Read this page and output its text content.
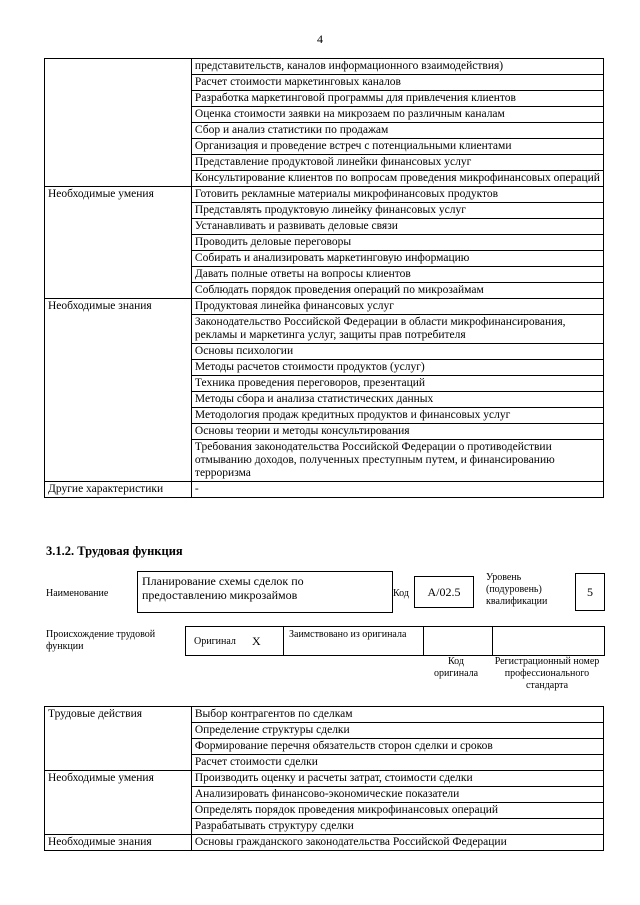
4
	представительств, каналов информационного взаимодействия)
	Расчет стоимости маркетинговых каналов
	Разработка маркетинговой программы для привлечения клиентов
	Оценка стоимости заявки на микрозаем по различным каналам
	Сбор и анализ статистики по продажам
	Организация и проведение встреч с потенциальными клиентами
	Представление продуктовой линейки финансовых услуг
	Консультирование клиентов по вопросам проведения микрофинансовых операций
Необходимые умения	Готовить рекламные материалы микрофинансовых продуктов
	Представлять продуктовую линейку финансовых услуг
	Устанавливать и развивать деловые связи
	Проводить деловые переговоры
	Собирать и анализировать маркетинговую информацию
	Давать полные ответы на вопросы клиентов
	Соблюдать порядок проведения операций по микрозаймам
Необходимые знания	Продуктовая линейка финансовых услуг
	Законодательство Российской Федерации в области микрофинансирования, рекламы и маркетинга услуг, защиты прав потребителя
	Основы психологии
	Методы расчетов стоимости продуктов (услуг)
	Техника проведения переговоров, презентаций
	Методы сбора и анализа статистических данных
	Методология продаж кредитных продуктов и финансовых услуг
	Основы теории и методы консультирования
	Требования законодательства Российской Федерации о противодействии отмыванию доходов, полученных преступным путем, и финансированию терроризма
Другие характеристики	-
3.1.2. Трудовая функция
Наименование
Планирование схемы сделок по предоставлению микрозаймов	Код	А/02.5
Уровень (подуровень) квалификации
5
Происхождение трудовой функции	Оригинал X	Заимствовано из оригинала
Код оригинала
Регистрационный номер профессионального стандарта
Трудовые действия	Выбор контрагентов по сделкам
	Определение структуры сделки
	Формирование перечня обязательств сторон сделки и сроков
	Расчет стоимости сделки
Необходимые умения	Производить оценку и расчеты затрат, стоимости сделки
	Анализировать финансово-экономические показатели
	Определять порядок проведения микрофинансовых операций
	Разрабатывать структуру сделки
Необходимые знания	Основы гражданского законодательства Российской Федерации
